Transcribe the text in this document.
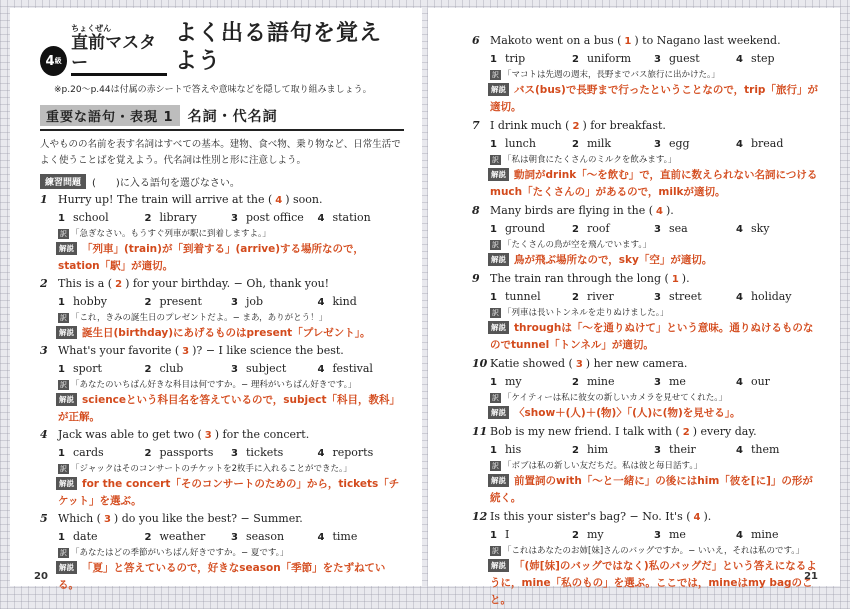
4 級
ちょくぜん
直前マスター
よく出る語句を覚えよう
※p.20～p.44は付属の赤シートで答えや意味などを隠して取り組みましょう。
重要な語句・表現 1	名詞・代名詞
人やものの名前を表す名詞はすべての基本。建物、食べ物、乗り物など、日常生活でよく使うことばを覚えよう。代名詞は性別と形に注意しよう。
練習問題	(　　)に入る語句を選びなさい。
1 Hurry up! The train will arrive at the ( 4 ) soon.
1 school	2 library	3 post office	4 station
訳 「急ぎなさい。もうすぐ列車が駅に到着しますよ。」
解説 「列車」(train)が「到着する」(arrive)する場所なので，station「駅」が適切。
2 This is a ( 2 ) for your birthday. − Oh, thank you!
1 hobby	2 present	3 job	4 kind
訳 「これ，きみの誕生日のプレゼントだよ。− まあ，ありがとう！」
解説 誕生日(birthday)にあげるものはpresent「プレゼント」。
3 What's your favorite ( 3 )? − I like science the best.
1 sport	2 club	3 subject	4 festival
訳 「あなたのいちばん好きな科目は何ですか。− 理科がいちばん好きです。」
解説 scienceという科目名を答えているので，subject「科目，教科」が正解。
4 Jack was able to get two ( 3 ) for the concert.
1 cards	2 passports	3 tickets	4 reports
訳 「ジャックはそのコンサートのチケットを2枚手に入れることができた。」
解説 for the concert「そのコンサートのための」から，tickets「チケット」を選ぶ。
5 Which ( 3 ) do you like the best? − Summer.
1 date	2 weather	3 season	4 time
訳 「あなたはどの季節がいちばん好きですか。− 夏です。」
解説 「夏」と答えているので，好きなseason「季節」をたずねている。
20
6 Makoto went on a bus ( 1 ) to Nagano last weekend.
1 trip	2 uniform	3 guest	4 step
訳 「マコトは先週の週末，長野までバス旅行に出かけた。」
解説 バス(bus)で長野まで行ったということなので，trip「旅行」が適切。
7 I drink much ( 2 ) for breakfast.
1 lunch	2 milk	3 egg	4 bread
訳 「私は朝食にたくさんのミルクを飲みます。」
解説 動詞がdrink「～を飲む」で，直前に数えられない名詞につけるmuch「たくさんの」があるので，milkが適切。
8 Many birds are flying in the ( 4 ).
1 ground	2 roof	3 sea	4 sky
訳 「たくさんの鳥が空を飛んでいます。」
解説 鳥が飛ぶ場所なので，sky「空」が適切。
9 The train ran through the long ( 1 ).
1 tunnel	2 river	3 street	4 holiday
訳 「列車は長いトンネルを走りぬけました。」
解説 throughは「～を通りぬけて」という意味。通りぬけるものなのでtunnel「トンネル」が適切。
10 Katie showed ( 3 ) her new camera.
1 my	2 mine	3 me	4 our
訳 「ケイティーは私に彼女の新しいカメラを見せてくれた。」
解説 〈show＋(人)＋(物)〉「(人)に(物)を見せる」。
11 Bob is my new friend. I talk with ( 2 ) every day.
1 his	2 him	3 their	4 them
訳 「ボブは私の新しい友だちだ。私は彼と毎日話す。」
解説 前置詞のwith「～と一緒に」の後にはhim「彼を[に]」の形が続く。
12 Is this your sister's bag? − No. It's ( 4 ).
1 I	2 my	3 me	4 mine
訳 「これはあなたのお姉[妹]さんのバッグですか。− いいえ，それは私のです。」
解説 「(姉[妹]のバッグではなく)私のバッグだ」という答えになるように，mine「私のもの」を選ぶ。ここでは，mineはmy bagのこと。
21
